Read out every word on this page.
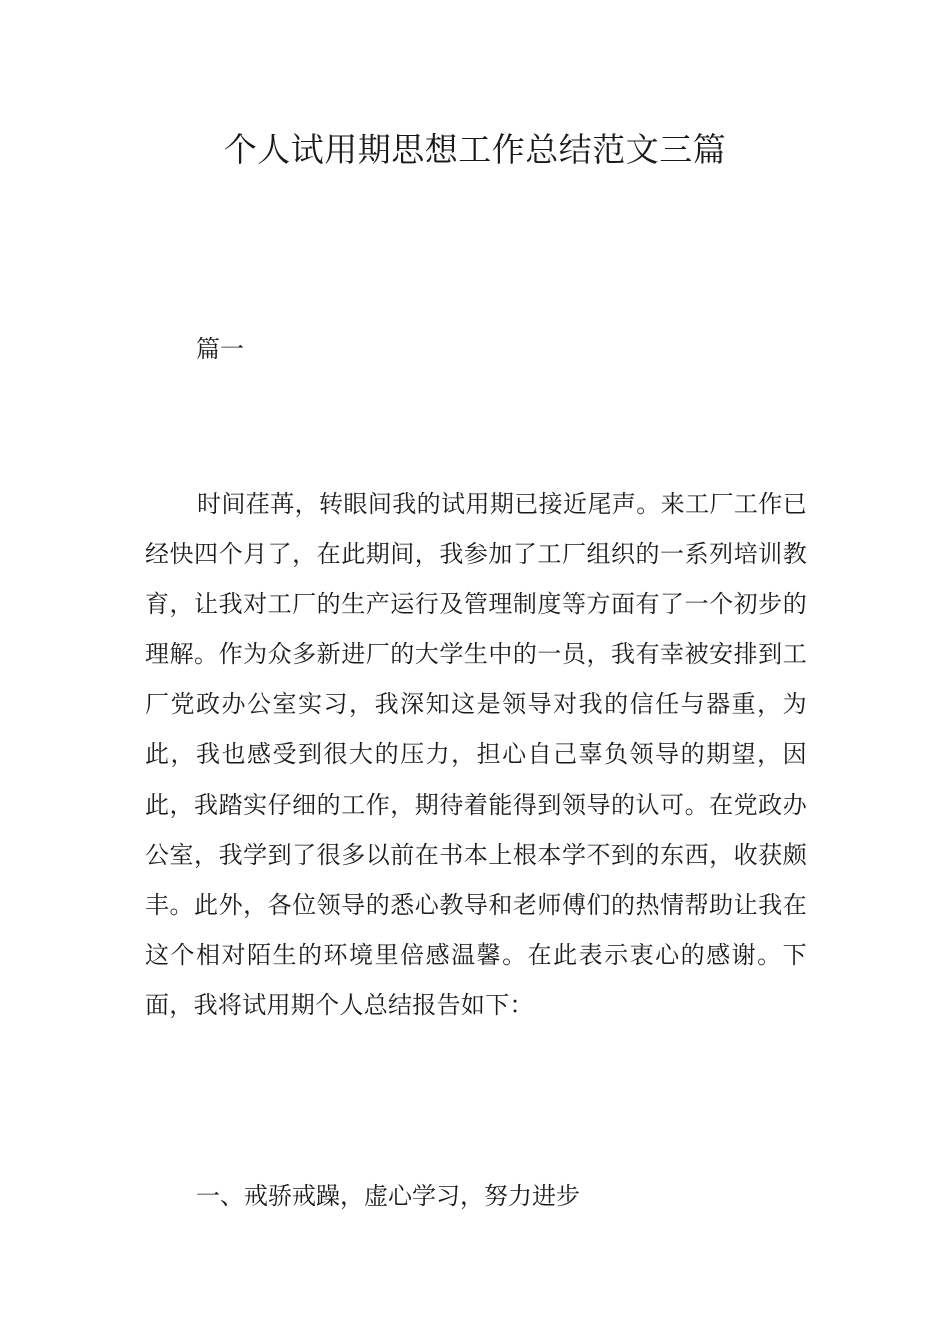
个人试用期思想工作总结范文三篇

篇一

时间荏苒，转眼间我的试用期已接近尾声。来工厂工作已经快四个月了，在此期间，我参加了工厂组织的一系列培训教育，让我对工厂的生产运行及管理制度等方面有了一个初步的理解。作为众多新进厂的大学生中的一员，我有幸被安排到工厂党政办公室实习，我深知这是领导对我的信任与器重，为此，我也感受到很大的压力，担心自己辜负领导的期望，因此，我踏实仔细的工作，期待着能得到领导的认可。在党政办公室，我学到了很多以前在书本上根本学不到的东西，收获颇丰。此外，各位领导的悉心教导和老师傅们的热情帮助让我在这个相对陌生的环境里倍感温馨。在此表示衷心的感谢。下面，我将试用期个人总结报告如下：

一、戒骄戒躁，虚心学习，努力进步
